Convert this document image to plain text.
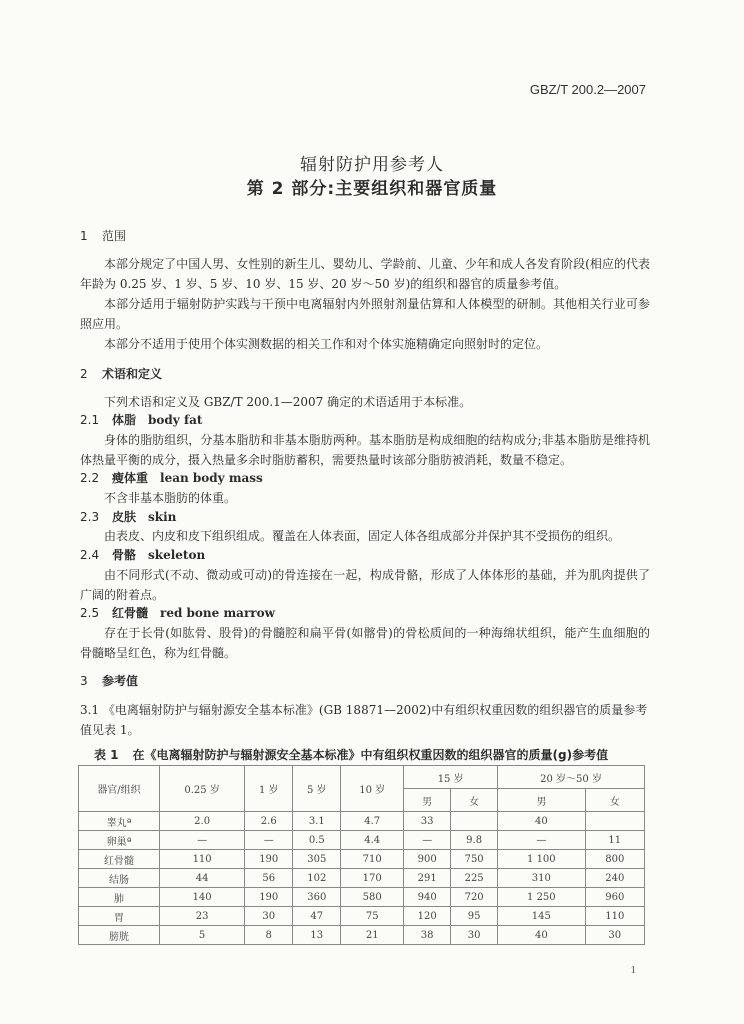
GBZ/T 200.2—2007
辐射防护用参考人
第 2 部分:主要组织和器官质量
1 范围
本部分规定了中国人男、女性别的新生儿、婴幼儿、学龄前、儿童、少年和成人各发育阶段(相应的代表年龄为 0.25 岁、1 岁、5 岁、10 岁、15 岁、20 岁～50 岁)的组织和器官的质量参考值。
本部分适用于辐射防护实践与干预中电离辐射内外照射剂量估算和人体模型的研制。其他相关行业可参照应用。
本部分不适用于使用个体实测数据的相关工作和对个体实施精确定向照射时的定位。
2 术语和定义
下列术语和定义及 GBZ/T 200.1—2007 确定的术语适用于本标准。
2.1 体脂 body fat
身体的脂肪组织，分基本脂肪和非基本脂肪两种。基本脂肪是构成细胞的结构成分;非基本脂肪是维持机体热量平衡的成分，摄入热量多余时脂肪蓄积，需要热量时该部分脂肪被消耗，数量不稳定。
2.2 瘦体重 lean body mass
不含非基本脂肪的体重。
2.3 皮肤 skin
由表皮、内皮和皮下组织组成。覆盖在人体表面，固定人体各组成部分并保护其不受损伤的组织。
2.4 骨骼 skeleton
由不同形式(不动、微动或可动)的骨连接在一起，构成骨骼，形成了人体体形的基础，并为肌肉提供了广阔的附着点。
2.5 红骨髓 red bone marrow
存在于长骨(如肱骨、股骨)的骨髓腔和扁平骨(如髂骨)的骨松质间的一种海绵状组织，能产生血细胞的骨髓略呈红色，称为红骨髓。
3 参考值
3.1 《电离辐射防护与辐射源安全基本标准》(GB 18871—2002)中有组织权重因数的组织器官的质量参考值见表 1。
表 1 在《电离辐射防护与辐射源安全基本标准》中有组织权重因数的组织器官的质量(g)参考值
器官/组织	0.25 岁	1 岁	5 岁	10 岁	15 岁		20 岁～50 岁	
					男	女	男	女
睾丸ª	2.0	2.6	3.1	4.7	33		40	
卵巢ª	—	—	0.5	4.4	—	9.8	—	11
红骨髓	110	190	305	710	900	750	1 100	800
结肠	44	56	102	170	291	225	310	240
肺	140	190	360	580	940	720	1 250	960
胃	23	30	47	75	120	95	145	110
膀胱	5	8	13	21	38	30	40	30
1
